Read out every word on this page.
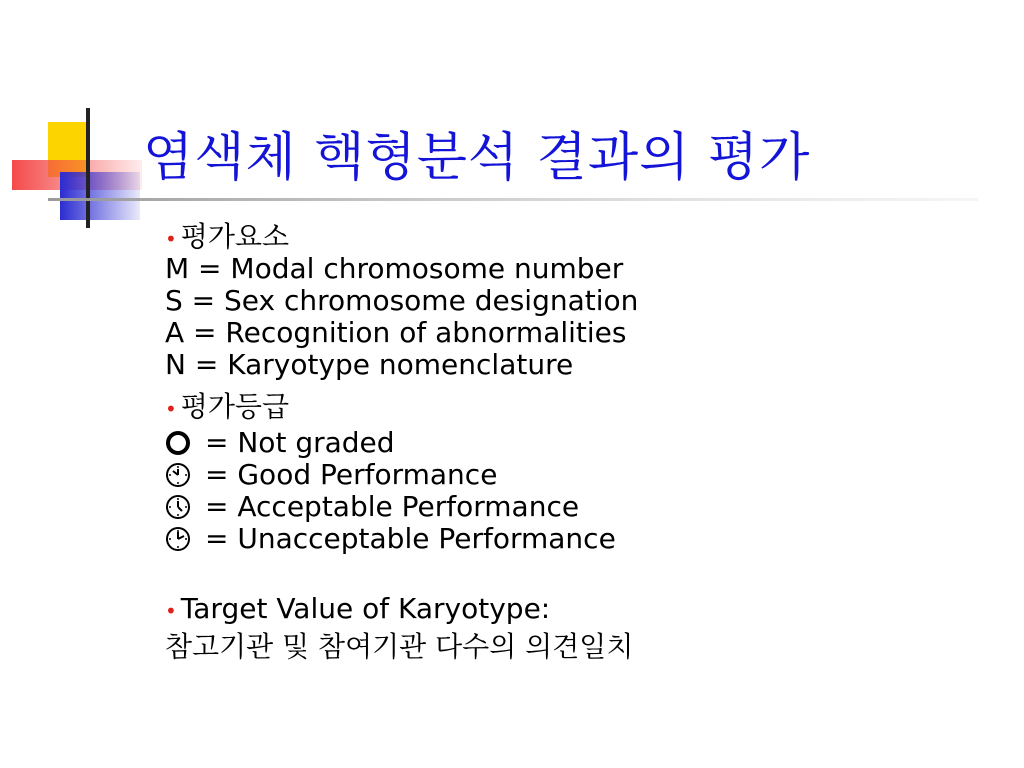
염색체 핵형분석 결과의 평가
• 평가요소
M = Modal chromosome number
S = Sex chromosome designation
A = Recognition of abnormalities
N = Karyotype nomenclature
• 평가등급
= Not graded
= Good Performance
= Acceptable Performance
= Unacceptable Performance
• Target Value of Karyotype :
참고기관 및 참여기관 다수의 의견일치
